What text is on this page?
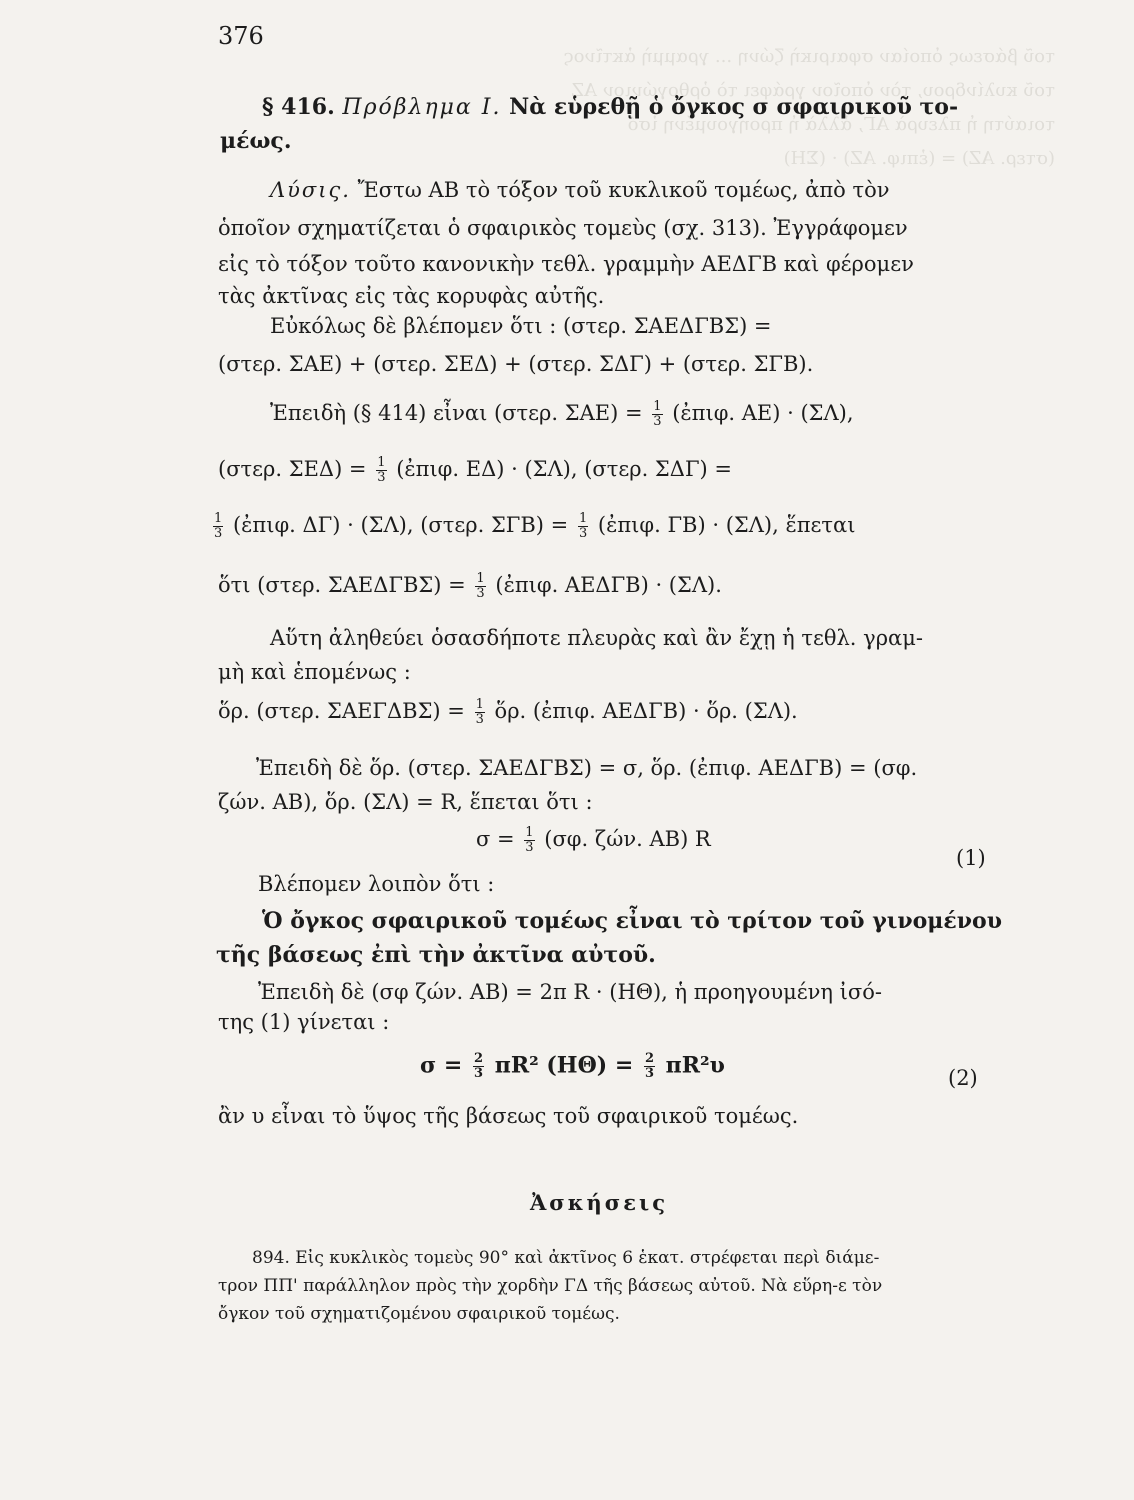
τοῦ βάσεως ὁποίαν σφαιρικὴ ζώνη ... γραμμὴ ἀκτῖνος
τοῦ κυλίνδρου, τὸν ὁποῖον γράφει τὸ ὀρθογώνιον ΑΖ
τοιαύτη ἡ πλευρὰ ΑΓ, ἀλλὰ ἡ προηγουμένη ἰσό
(στερ. ΑΖ) = (ἐπιφ. ΑΖ) · (ΣΗ)
376
§ 416. Πρόβλημα Ι. Νὰ εὑρεθῇ ὁ ὄγκος σ σφαιρικοῦ το-
μέως.
Λύσις. Ἔστω ΑΒ τὸ τόξον τοῦ κυκλικοῦ τομέως, ἀπὸ τὸν
ὁποῖον σχηματίζεται ὁ σφαιρικὸς τομεὺς (σχ. 313). Ἐγγράφομεν
εἰς τὸ τόξον τοῦτο κανονικὴν τεθλ. γραμμὴν ΑΕΔΓΒ καὶ φέρομεν
τὰς ἀκτῖνας εἰς τὰς κορυφὰς αὐτῆς.
Εὐκόλως δὲ βλέπομεν ὅτι : (στερ. ΣΑΕΔΓΒΣ) =
(στερ. ΣΑΕ) + (στερ. ΣΕΔ) + (στερ. ΣΔΓ) + (στερ. ΣΓΒ).
Ἐπειδὴ (§ 414) εἶναι (στερ. $\Sigma AE) = \frac{1}{3}$ (ἐπιφ. ΑΕ) · (ΣΛ),
(στερ. $\Sigma E\Delta) = \frac{1}{3}$ (ἐπιφ. ΕΔ) · (ΣΛ), (στερ. ΣΔΓ) =
$\frac{1}{3}$ (ἐπιφ. ΔΓ) · (ΣΛ), (στερ. $\Sigma\Gamma B) = \frac{1}{3}$ (ἐπιφ. ΓΒ) · (ΣΛ), ἕπεται
ὅτι (στερ. $\Sigma AE\Delta\Gamma B\Sigma) = \frac{1}{3}$ (ἐπιφ. ΑΕΔΓΒ) · (ΣΛ).
Αὕτη ἀληθεύει ὁσασδήποτε πλευρὰς καὶ ἂν ἔχῃ ἡ τεθλ. γραμ-
μὴ καὶ ἑπομένως :
ὅρ. (στερ. $\Sigma AE\Gamma\Delta B\Sigma) = \frac{1}{3}$ ὅρ. (ἐπιφ. ΑΕΔΓΒ) · ὅρ. (ΣΛ).
Ἐπειδὴ δὲ ὅρ. (στερ. ΣΑΕΔΓΒΣ) = σ, ὅρ. (ἐπιφ. ΑΕΔΓΒ) = (σφ.
ζών. ΑΒ), ὅρ. (ΣΛ) = R, ἕπεται ὅτι :
$\sigma = \frac{1}{3} (\sigma\varphi$. ζών. ΑΒ) R
(1)
Βλέπομεν λοιπὸν ὅτι :
Ὁ ὄγκος σφαιρικοῦ τομέως εἶναι τὸ τρίτον τοῦ γινομένου
τῆς βάσεως ἐπὶ τὴν ἀκτῖνα αὐτοῦ.
Ἐπειδὴ δὲ (σφ ζών. ΑΒ) = 2π R · (ΗΘ), ἡ προηγουμένη ἰσό-
της (1) γίνεται :
$\sigma = \frac{2}{3} \pi R^2$ $(H\Theta) = \frac{2}{3} \pi R^2\upsilon$	(2)
ἂν υ εἶναι τὸ ὕψος τῆς βάσεως τοῦ σφαιρικοῦ τομέως.
Ἀσκήσεις
894. Εἰς κυκλικὸς τομεὺς 90° καὶ ἀκτῖνος 6 ἑκατ. στρέφεται περὶ διάμε-
τρον ΠΠ' παράλληλον πρὸς τὴν χορδὴν ΓΔ τῆς βάσεως αὐτοῦ. Νὰ εὕρη-ε τὸν
ὄγκον τοῦ σχηματιζομένου σφαιρικοῦ τομέως.
